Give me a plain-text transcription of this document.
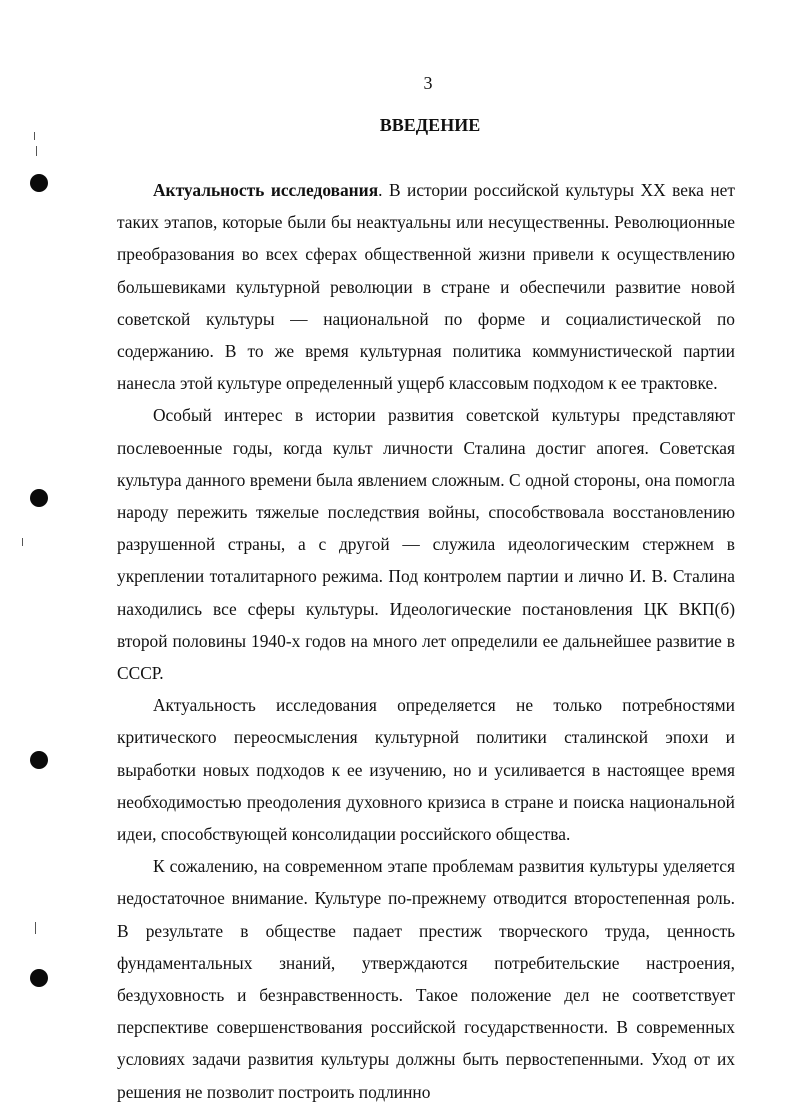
3
ВВЕДЕНИЕ

Актуальность исследования. В истории российской культуры XX века нет таких этапов, которые были бы неактуальны или несущественны. Революционные преобразования во всех сферах общественной жизни привели к осуществлению большевиками культурной революции в стране и обеспечили развитие новой советской культуры — национальной по форме и социалистической по содержанию. В то же время культурная политика коммунистической партии нанесла этой культуре определенный ущерб классовым подходом к ее трактовке.

Особый интерес в истории развития советской культуры представляют послевоенные годы, когда культ личности Сталина достиг апогея. Советская культура данного времени была явлением сложным. С одной стороны, она помогла народу пережить тяжелые последствия войны, способствовала восстановлению разрушенной страны, а с другой — служила идеологическим стержнем в укреплении тоталитарного режима. Под контролем партии и лично И. В. Сталина находились все сферы культуры. Идеологические постановления ЦК ВКП(б) второй половины 1940-х годов на много лет определили ее дальнейшее развитие в СССР.

Актуальность исследования определяется не только потребностями критического переосмысления культурной политики сталинской эпохи и выработки новых подходов к ее изучению, но и усиливается в настоящее время необходимостью преодоления духовного кризиса в стране и поиска национальной идеи, способствующей консолидации российского общества.

К сожалению, на современном этапе проблемам развития культуры уделяется недостаточное внимание. Культуре по-прежнему отводится второстепенная роль. В результате в обществе падает престиж творческого труда, ценность фундаментальных знаний, утверждаются потребительские настроения, бездуховность и безнравственность. Такое положение дел не соответствует перспективе совершенствования российской государственности. В современных условиях задачи развития культуры должны быть первостепенными. Уход от их решения не позволит построить подлинно
